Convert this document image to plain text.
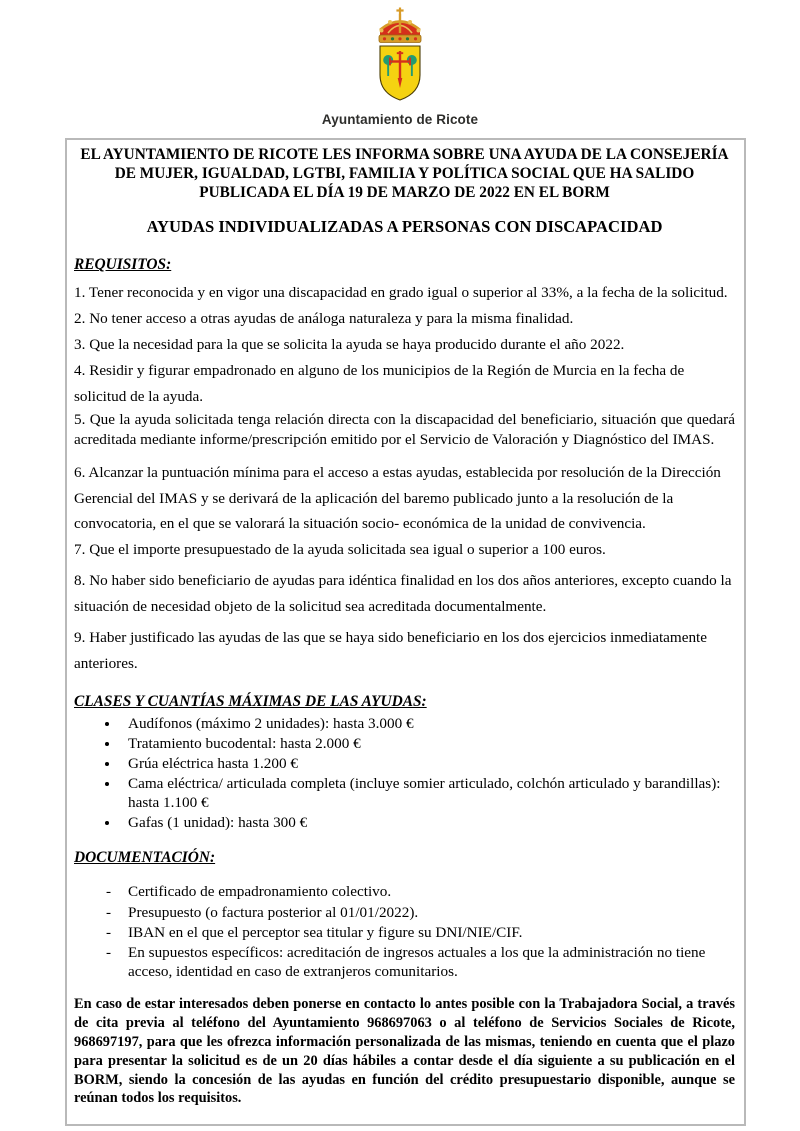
Ayuntamiento de Ricote
EL AYUNTAMIENTO DE RICOTE LES INFORMA SOBRE UNA AYUDA DE LA CONSEJERÍA DE MUJER, IGUALDAD, LGTBI, FAMILIA Y POLÍTICA SOCIAL QUE HA SALIDO PUBLICADA EL DÍA 19 DE MARZO DE 2022 EN EL BORM
AYUDAS INDIVIDUALIZADAS A PERSONAS CON DISCAPACIDAD
REQUISITOS:

1. Tener reconocida y en vigor una discapacidad en grado igual o superior al 33%, a la fecha de la solicitud.

2. No tener acceso a otras ayudas de análoga naturaleza y para la misma finalidad.

3. Que la necesidad para la que se solicita la ayuda se haya producido durante el año 2022.

4. Residir y figurar empadronado en alguno de los municipios de la Región de Murcia en la fecha de solicitud de la ayuda.

5. Que la ayuda solicitada tenga relación directa con la discapacidad del beneficiario, situación que quedará acreditada mediante informe/prescripción emitido por el Servicio de Valoración y Diagnóstico del IMAS.

6. Alcanzar la puntuación mínima para el acceso a estas ayudas, establecida por resolución de la Dirección Gerencial del IMAS y se derivará de la aplicación del baremo publicado junto a la resolución de la convocatoria, en el que se valorará la situación socio- económica de la unidad de convivencia.

7. Que el importe presupuestado de la ayuda solicitada sea igual o superior a 100 euros.

8. No haber sido beneficiario de ayudas para idéntica finalidad en los dos años anteriores, excepto cuando la situación de necesidad objeto de la solicitud sea acreditada documentalmente.

9. Haber justificado las ayudas de las que se haya sido beneficiario en los dos ejercicios inmediatamente anteriores.

CLASES Y CUANTÍAS MÁXIMAS DE LAS AYUDAS:
• Audífonos (máximo 2 unidades): hasta 3.000 €
• Tratamiento bucodental: hasta 2.000 €
• Grúa eléctrica hasta 1.200 €
• Cama eléctrica/ articulada completa (incluye somier articulado, colchón articulado y barandillas): hasta 1.100 €
• Gafas (1 unidad): hasta 300 €
DOCUMENTACIÓN:
- Certificado de empadronamiento colectivo.
- Presupuesto (o factura posterior al 01/01/2022).
- IBAN en el que el perceptor sea titular y figure su DNI/NIE/CIF.
- En supuestos específicos: acreditación de ingresos actuales a los que la administración no tiene acceso, identidad en caso de extranjeros comunitarios.

En caso de estar interesados deben ponerse en contacto lo antes posible con la Trabajadora Social, a través de cita previa al teléfono del Ayuntamiento 968697063 o al teléfono de Servicios Sociales de Ricote, 968697197, para que les ofrezca información personalizada de las mismas, teniendo en cuenta que el plazo para presentar la solicitud es de un 20 días hábiles a contar desde el día siguiente a su publicación en el BORM, siendo la concesión de las ayudas en función del crédito presupuestario disponible, aunque se reúnan todos los requisitos.
